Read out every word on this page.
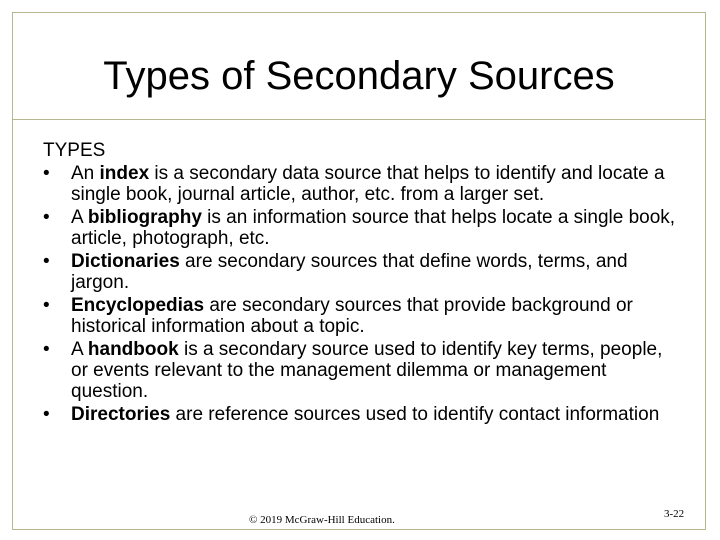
Types of Secondary Sources
TYPES
• An index is a secondary data source that helps to identify and locate a single book, journal article, author, etc. from a larger set.
• A bibliography is an information source that helps locate a single book, article, photograph, etc.
• Dictionaries are secondary sources that define words, terms, and jargon.
• Encyclopedias are secondary sources that provide background or historical information about a topic.
• A handbook is a secondary source used to identify key terms, people, or events relevant to the management dilemma or management question.
• Directories are reference sources used to identify contact information
© 2019 McGraw-Hill Education.	3-22
